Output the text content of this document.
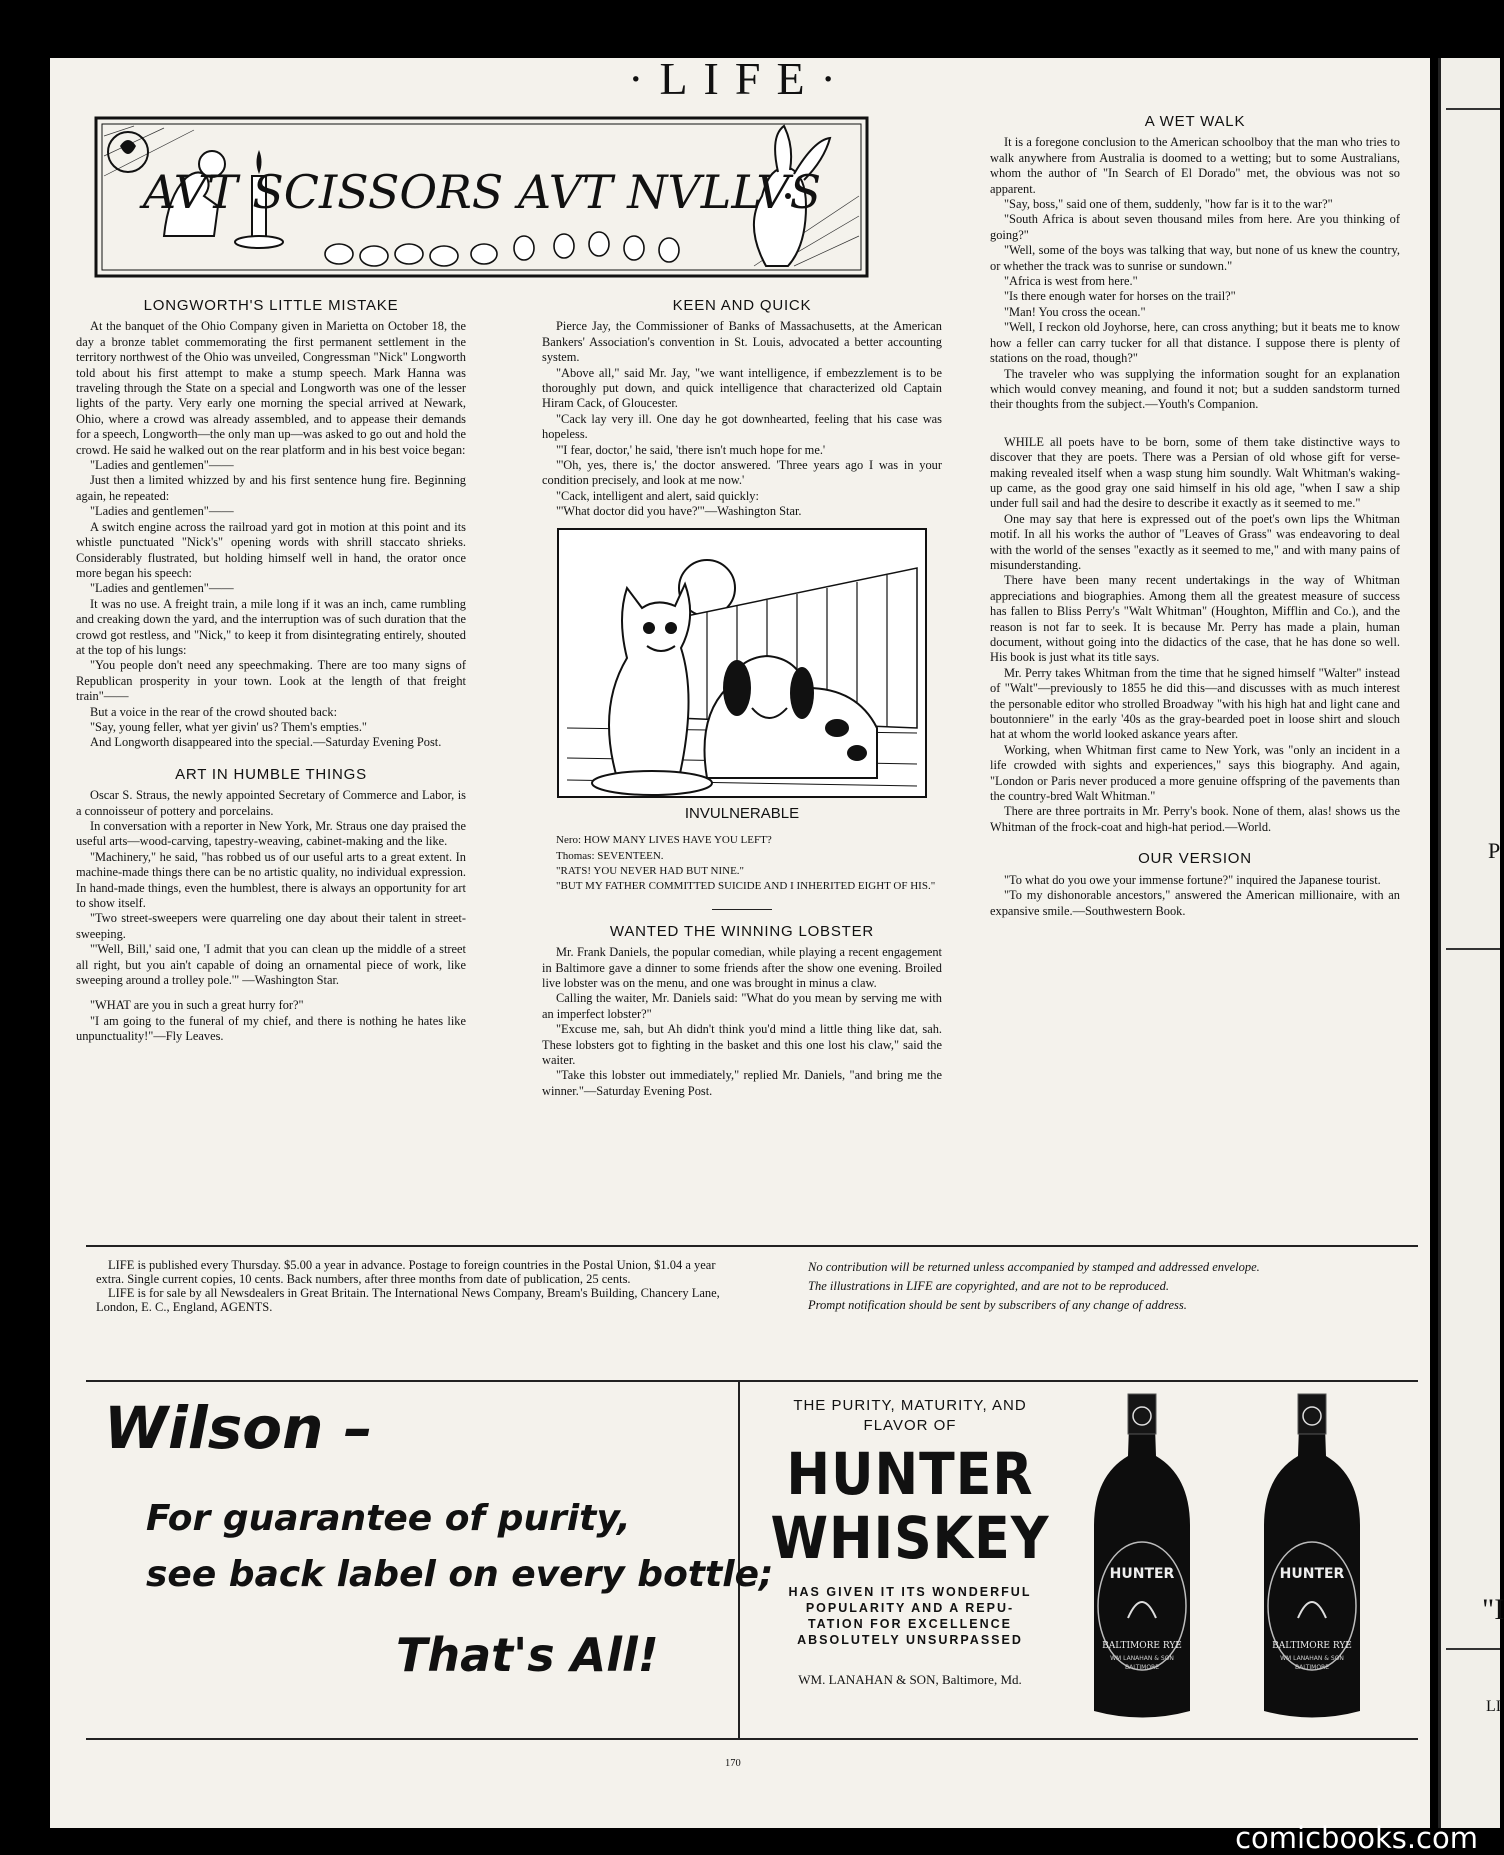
·LIFE·
AVT SCISSORS AVT NVLLVS
LONGWORTH'S LITTLE MISTAKE

At the banquet of the Ohio Company given in Marietta on October 18, the day a bronze tablet commemorating the first permanent settlement in the territory northwest of the Ohio was unveiled, Congressman "Nick" Longworth told about his first attempt to make a stump speech. Mark Hanna was traveling through the State on a special and Longworth was one of the lesser lights of the party. Very early one morning the special arrived at Newark, Ohio, where a crowd was already assembled, and to appease their demands for a speech, Longworth—the only man up—was asked to go out and hold the crowd. He said he walked out on the rear platform and in his best voice began:

"Ladies and gentlemen"——

Just then a limited whizzed by and his first sentence hung fire. Beginning again, he repeated:

"Ladies and gentlemen"——

A switch engine across the railroad yard got in motion at this point and its whistle punctuated "Nick's" opening words with shrill staccato shrieks. Considerably flustrated, but holding himself well in hand, the orator once more began his speech:

"Ladies and gentlemen"——

It was no use. A freight train, a mile long if it was an inch, came rumbling and creaking down the yard, and the interruption was of such duration that the crowd got restless, and "Nick," to keep it from disintegrating entirely, shouted at the top of his lungs:

"You people don't need any speechmaking. There are too many signs of Republican prosperity in your town. Look at the length of that freight train"——

But a voice in the rear of the crowd shouted back:

"Say, young feller, what yer givin' us? Them's empties."

And Longworth disappeared into the special.—Saturday Evening Post.

ART IN HUMBLE THINGS

Oscar S. Straus, the newly appointed Secretary of Commerce and Labor, is a connoisseur of pottery and porcelains.

In conversation with a reporter in New York, Mr. Straus one day praised the useful arts—wood-carving, tapestry-weaving, cabinet-making and the like.

"Machinery," he said, "has robbed us of our useful arts to a great extent. In machine-made things there can be no artistic quality, no individual expression. In hand-made things, even the humblest, there is always an opportunity for art to show itself.

"Two street-sweepers were quarreling one day about their talent in street-sweeping.

"'Well, Bill,' said one, 'I admit that you can clean up the middle of a street all right, but you ain't capable of doing an ornamental piece of work, like sweeping around a trolley pole.'" —Washington Star.

"WHAT are you in such a great hurry for?"

"I am going to the funeral of my chief, and there is nothing he hates like unpunctuality!"—Fly Leaves.

KEEN AND QUICK

Pierce Jay, the Commissioner of Banks of Massachusetts, at the American Bankers' Association's convention in St. Louis, advocated a better accounting system.

"Above all," said Mr. Jay, "we want intelligence, if embezzlement is to be thoroughly put down, and quick intelligence that characterized old Captain Hiram Cack, of Gloucester.

"Cack lay very ill. One day he got downhearted, feeling that his case was hopeless.

"'I fear, doctor,' he said, 'there isn't much hope for me.'

"'Oh, yes, there is,' the doctor answered. 'Three years ago I was in your condition precisely, and look at me now.'

"Cack, intelligent and alert, said quickly:

"'What doctor did you have?'"—Washington Star.

INVULNERABLE

Nero: HOW MANY LIVES HAVE YOU LEFT?

Thomas: SEVENTEEN.

"RATS! YOU NEVER HAD BUT NINE."

"BUT MY FATHER COMMITTED SUICIDE AND I INHERITED EIGHT OF HIS."

WANTED THE WINNING LOBSTER

Mr. Frank Daniels, the popular comedian, while playing a recent engagement in Baltimore gave a dinner to some friends after the show one evening. Broiled live lobster was on the menu, and one was brought in minus a claw.

Calling the waiter, Mr. Daniels said: "What do you mean by serving me with an imperfect lobster?"

"Excuse me, sah, but Ah didn't think you'd mind a little thing like dat, sah. These lobsters got to fighting in the basket and this one lost his claw," said the waiter.

"Take this lobster out immediately," replied Mr. Daniels, "and bring me the winner."—Saturday Evening Post.

A WET WALK

It is a foregone conclusion to the American schoolboy that the man who tries to walk anywhere from Australia is doomed to a wetting; but to some Australians, whom the author of "In Search of El Dorado" met, the obvious was not so apparent.

"Say, boss," said one of them, suddenly, "how far is it to the war?"

"South Africa is about seven thousand miles from here. Are you thinking of going?"

"Well, some of the boys was talking that way, but none of us knew the country, or whether the track was to sunrise or sundown."

"Africa is west from here."

"Is there enough water for horses on the trail?"

"Man! You cross the ocean."

"Well, I reckon old Joyhorse, here, can cross anything; but it beats me to know how a feller can carry tucker for all that distance. I suppose there is plenty of stations on the road, though?"

The traveler who was supplying the information sought for an explanation which would convey meaning, and found it not; but a sudden sandstorm turned their thoughts from the subject.—Youth's Companion.

WHILE all poets have to be born, some of them take distinctive ways to discover that they are poets. There was a Persian of old whose gift for verse-making revealed itself when a wasp stung him soundly. Walt Whitman's waking-up came, as the good gray one said himself in his old age, "when I saw a ship under full sail and had the desire to describe it exactly as it seemed to me."

One may say that here is expressed out of the poet's own lips the Whitman motif. In all his works the author of "Leaves of Grass" was endeavoring to deal with the world of the senses "exactly as it seemed to me," and with many pains of misunderstanding.

There have been many recent undertakings in the way of Whitman appreciations and biographies. Among them all the greatest measure of success has fallen to Bliss Perry's "Walt Whitman" (Houghton, Mifflin and Co.), and the reason is not far to seek. It is because Mr. Perry has made a plain, human document, without going into the didactics of the case, that he has done so well. His book is just what its title says.

Mr. Perry takes Whitman from the time that he signed himself "Walter" instead of "Walt"—previously to 1855 he did this—and discusses with as much interest the personable editor who strolled Broadway "with his high hat and light cane and boutonniere" in the early '40s as the gray-bearded poet in loose shirt and slouch hat at whom the world looked askance years after.

Working, when Whitman first came to New York, was "only an incident in a life crowded with sights and experiences," says this biography. And again, "London or Paris never produced a more genuine offspring of the pavements than the country-bred Walt Whitman."

There are three portraits in Mr. Perry's book. None of them, alas! shows us the Whitman of the frock-coat and high-hat period.—World.

OUR VERSION

"To what do you owe your immense fortune?" inquired the Japanese tourist.

"To my dishonorable ancestors," answered the American millionaire, with an expansive smile.—Southwestern Book.

LIFE is published every Thursday. $5.00 a year in advance. Postage to foreign countries in the Postal Union, $1.04 a year extra. Single current copies, 10 cents. Back numbers, after three months from date of publication, 25 cents.

LIFE is for sale by all Newsdealers in Great Britain. The International News Company, Bream's Building, Chancery Lane, London, E. C., England, AGENTS.

No contribution will be returned unless accompanied by stamped and addressed envelope.
The illustrations in LIFE are copyrighted, and are not to be reproduced.
Prompt notification should be sent by subscribers of any change of address.
Wilson –
For guarantee of purity,
see back label on every bottle;
That's All!
THE PURITY, MATURITY, AND
FLAVOR OF
HUNTER
WHISKEY
HAS GIVEN IT ITS WONDERFUL
POPULARITY AND A REPU-
TATION FOR EXCELLENCE
ABSOLUTELY UNSURPASSED
WM. LANAHAN & SON, Baltimore, Md.
HUNTER
BALTIMORE RYE
WM LANAHAN & SON
BALTIMORE
HUNTER
BALTIMORE RYE
WM LANAHAN & SON
BALTIMORE
170
P
"I
LI
comicbooks.com
